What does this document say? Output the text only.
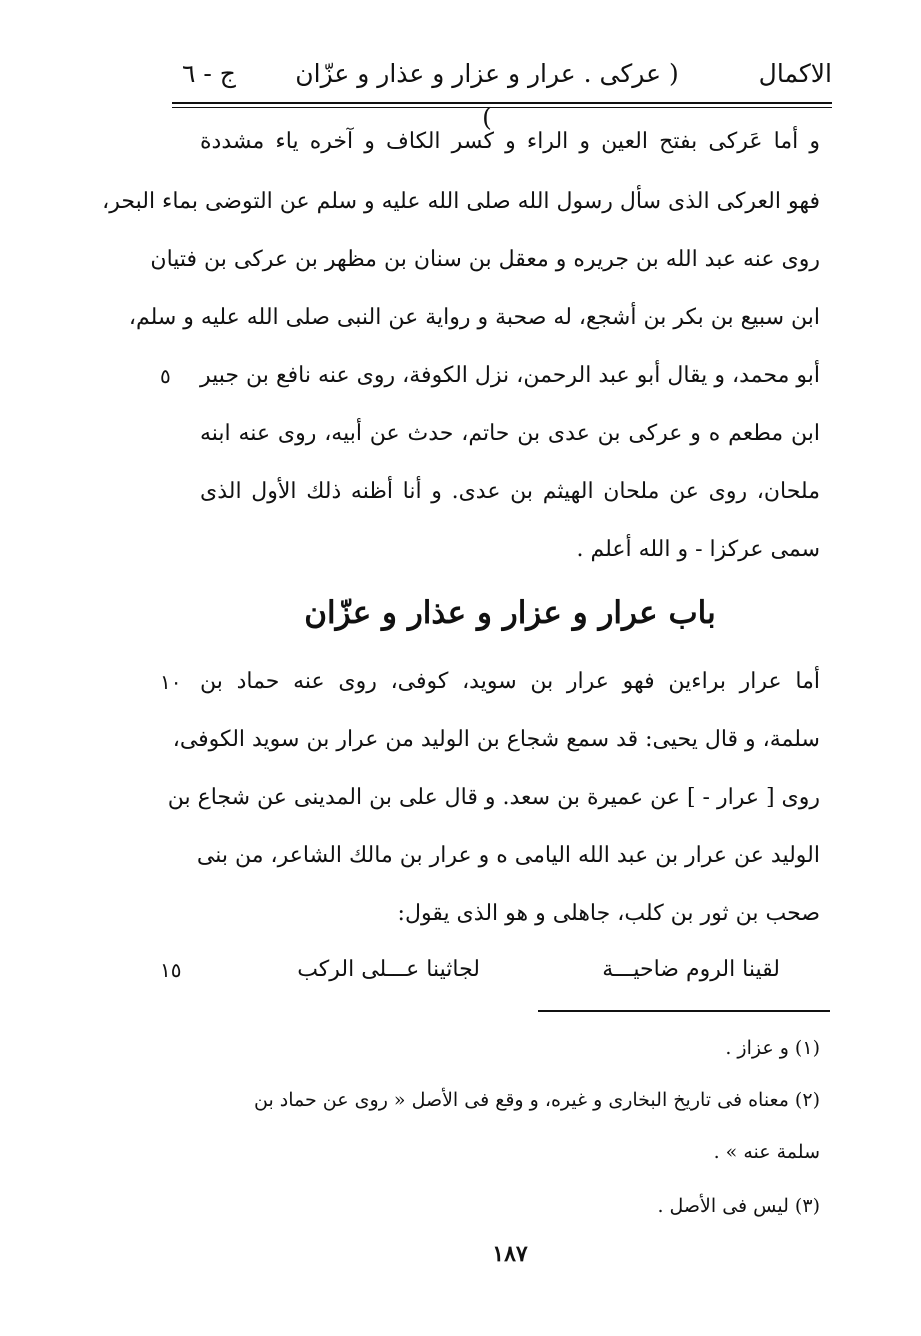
الاكمال
( عركى . عرار و عزار و عذار و عزّان )
ج - ٦
و أما عَركى بفتح العين و الراء و كسر الكاف و آخره ياء مشددة
فهو العركى الذى سأل رسول الله صلى الله عليه و سلم عن التوضى بماء البحر،
روى عنه عبد الله بن جريره و معقل بن سنان بن مظهر بن عركى بن فتيان
ابن سبيع بن بكر بن أشجع، له صحبة و رواية عن النبى صلى الله عليه و سلم،
أبو محمد، و يقال أبو عبد الرحمن، نزل الكوفة، روى عنه نافع بن جبير
٥
ابن مطعم ه و عركى بن عدى بن حاتم، حدث عن أبيه، روى عنه ابنه
ملحان، روى عن ملحان الهيثم بن عدى. و أنا أظنه ذلك الأول الذى
سمى عركزا - و الله أعلم .
باب عرار و عزار و عذار و عزّان
أما عرار براءين فهو عرار بن سويد، كوفى، روى عنه حماد بن
١٠
سلمة، و قال يحيى: قد سمع شجاع بن الوليد من عرار بن سويد الكوفى،
روى [ عرار - ] عن عميرة بن سعد. و قال على بن المدينى عن شجاع بن
الوليد عن عرار بن عبد الله اليامى ه و عرار بن مالك الشاعر، من بنى
صحب بن ثور بن كلب، جاهلى و هو الذى يقول:
لقينا الروم ضاحيـــة
لجاثينا عـــلى الركب
١٥
(١) و عزاز .
(٢) معناه فى تاريخ البخارى و غيره، و وقع فى الأصل « روى عن حماد بن
سلمة عنه » .
(٣) ليس فى الأصل .
١٨٧
